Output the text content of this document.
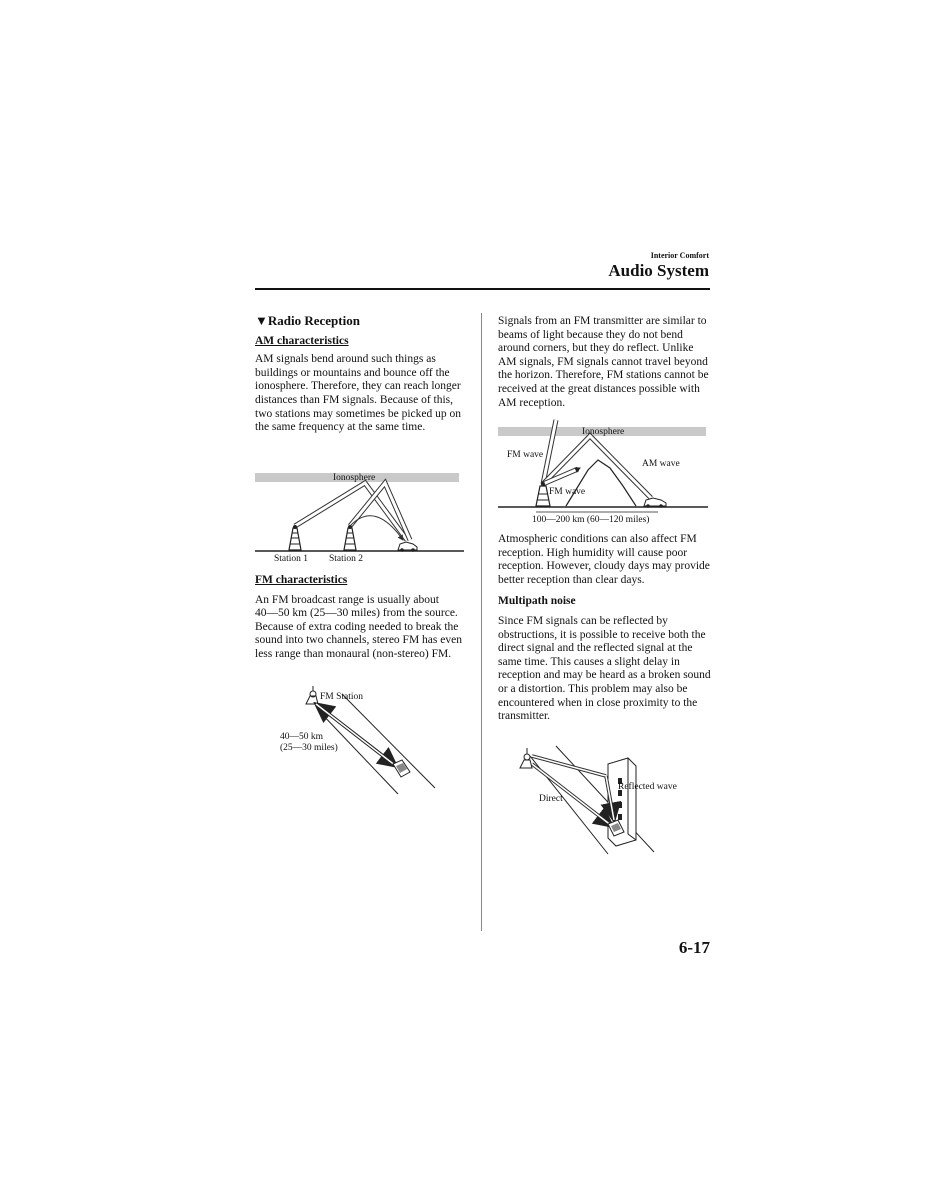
Interior Comfort
Audio System

▼Radio Reception

AM characteristics

AM signals bend around such things as buildings or mountains and bounce off the ionosphere. Therefore, they can reach longer distances than FM signals. Because of this, two stations may sometimes be picked up on the same frequency at the same time.

Ionosphere
Station 1 Station 2

FM characteristics

An FM broadcast range is usually about 40―50 km (25―30 miles) from the source. Because of extra coding needed to break the sound into two channels, stereo FM has even less range than monaural (non-stereo) FM.

FM Station
40―50 km
(25―30 miles)

Signals from an FM transmitter are similar to beams of light because they do not bend around corners, but they do reflect. Unlike AM signals, FM signals cannot travel beyond the horizon. Therefore, FM stations cannot be received at the great distances possible with AM reception.

Ionosphere
FM wave
AM wave
FM wave
100―200 km (60―120 miles)

Atmospheric conditions can also affect FM reception. High humidity will cause poor reception. However, cloudy days may provide better reception than clear days.

Multipath noise

Since FM signals can be reflected by obstructions, it is possible to receive both the direct signal and the reflected signal at the same time. This causes a slight delay in reception and may be heard as a broken sound or a distortion. This problem may also be encountered when in close proximity to the transmitter.

Reflected wave
Direct
6-17
